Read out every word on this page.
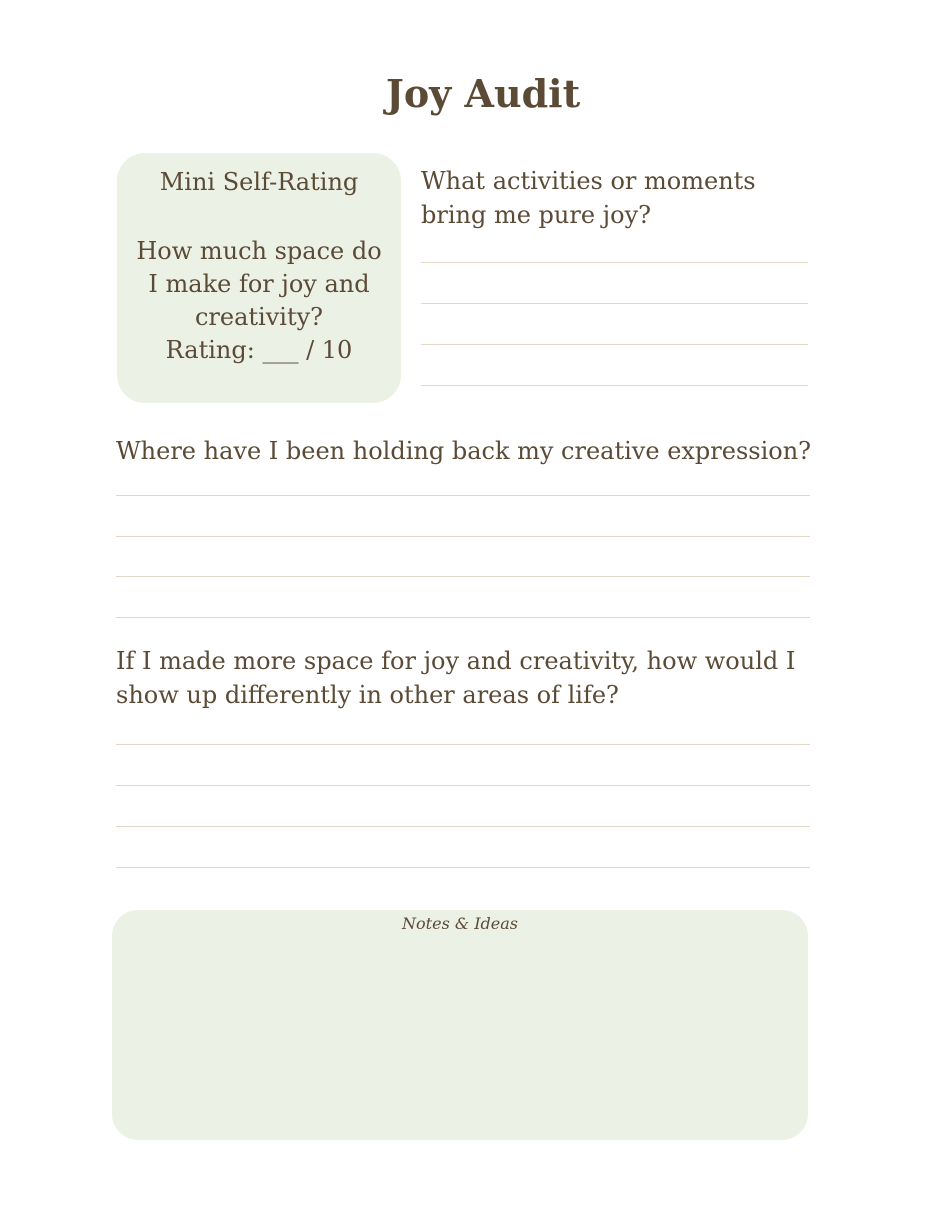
Joy Audit
Mini Self-Rating
How much space do I make for joy and creativity?
Rating: ___ / 10
What activities or moments bring me pure joy?
Where have I been holding back my creative expression?
If I made more space for joy and creativity, how would I show up differently in other areas of life?
Notes & Ideas
